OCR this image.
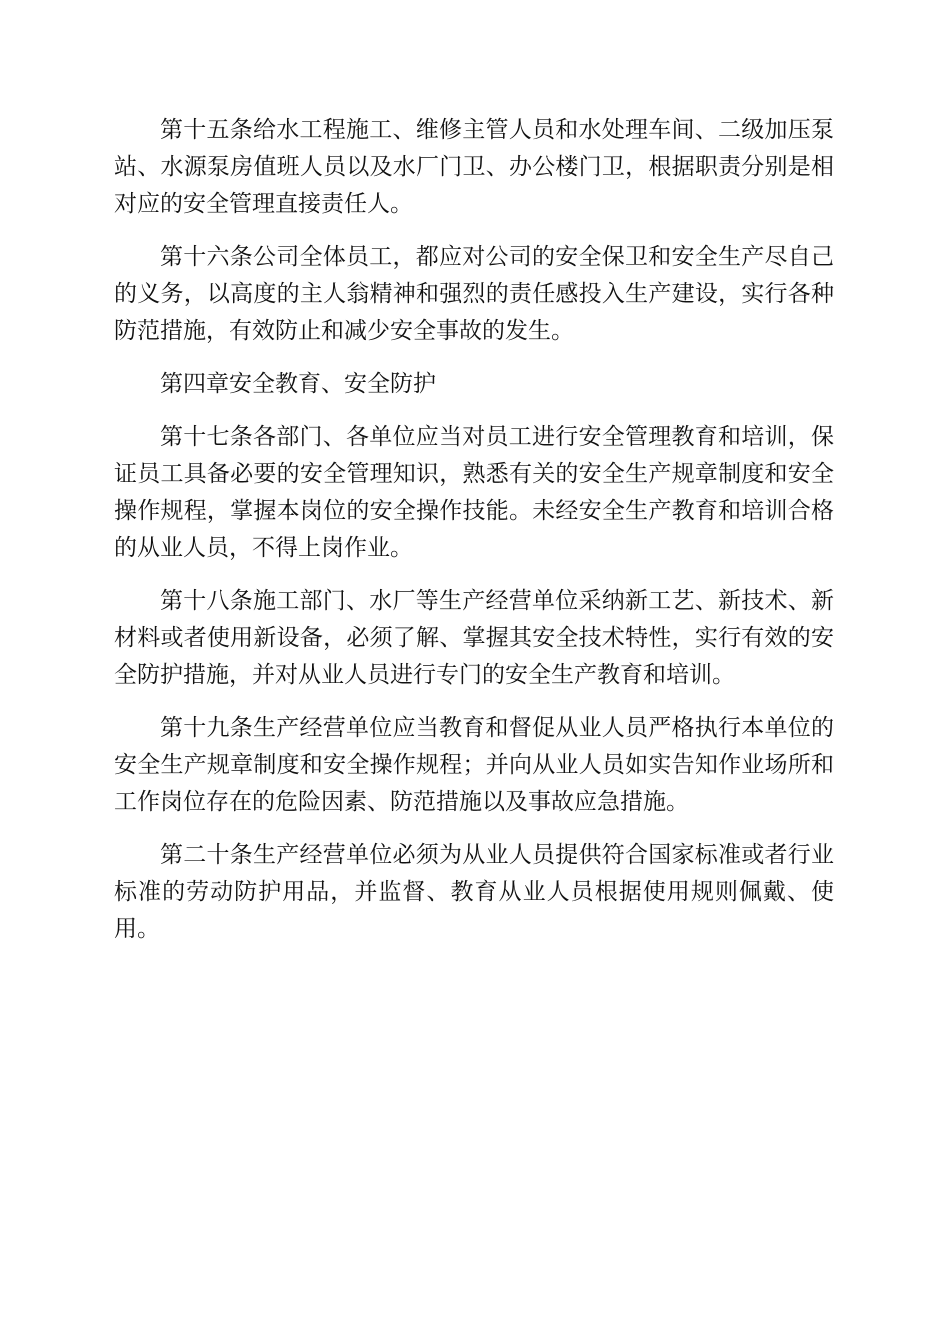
第十五条给水工程施工、维修主管人员和水处理车间、二级加压泵站、水源泵房值班人员以及水厂门卫、办公楼门卫，根据职责分别是相对应的安全管理直接责任人。

第十六条公司全体员工，都应对公司的安全保卫和安全生产尽自己的义务，以高度的主人翁精神和强烈的责任感投入生产建设，实行各种防范措施，有效防止和减少安全事故的发生。

第四章安全教育、安全防护

第十七条各部门、各单位应当对员工进行安全管理教育和培训，保证员工具备必要的安全管理知识，熟悉有关的安全生产规章制度和安全操作规程，掌握本岗位的安全操作技能。未经安全生产教育和培训合格的从业人员，不得上岗作业。

第十八条施工部门、水厂等生产经营单位采纳新工艺、新技术、新材料或者使用新设备，必须了解、掌握其安全技术特性，实行有效的安全防护措施，并对从业人员进行专门的安全生产教育和培训。

第十九条生产经营单位应当教育和督促从业人员严格执行本单位的安全生产规章制度和安全操作规程；并向从业人员如实告知作业场所和工作岗位存在的危险因素、防范措施以及事故应急措施。

第二十条生产经营单位必须为从业人员提供符合国家标准或者行业标准的劳动防护用品，并监督、教育从业人员根据使用规则佩戴、使用。
